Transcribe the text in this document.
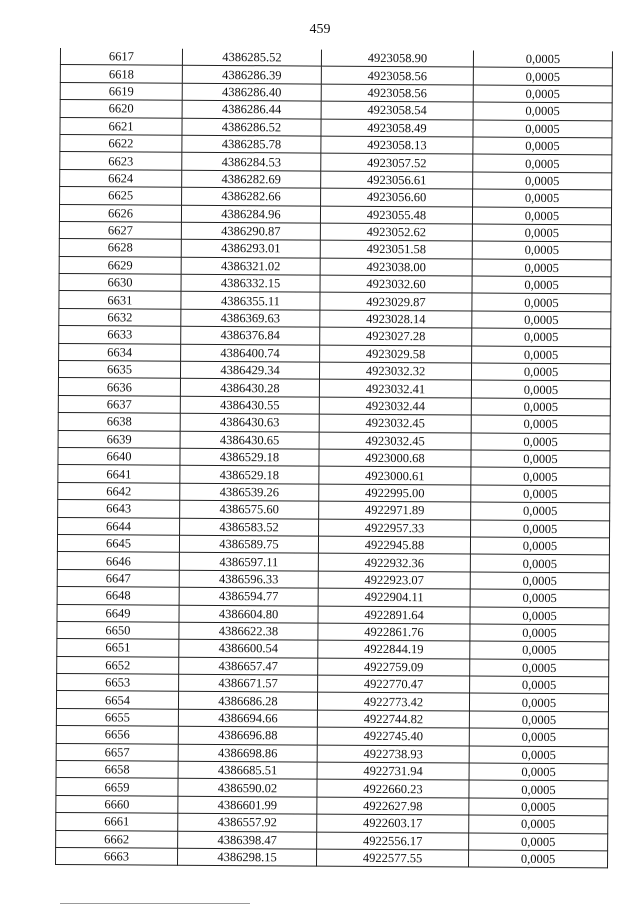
459
6617	4386285.52	4923058.90	0,0005
6618	4386286.39	4923058.56	0,0005
6619	4386286.40	4923058.56	0,0005
6620	4386286.44	4923058.54	0,0005
6621	4386286.52	4923058.49	0,0005
6622	4386285.78	4923058.13	0,0005
6623	4386284.53	4923057.52	0,0005
6624	4386282.69	4923056.61	0,0005
6625	4386282.66	4923056.60	0,0005
6626	4386284.96	4923055.48	0,0005
6627	4386290.87	4923052.62	0,0005
6628	4386293.01	4923051.58	0,0005
6629	4386321.02	4923038.00	0,0005
6630	4386332.15	4923032.60	0,0005
6631	4386355.11	4923029.87	0,0005
6632	4386369.63	4923028.14	0,0005
6633	4386376.84	4923027.28	0,0005
6634	4386400.74	4923029.58	0,0005
6635	4386429.34	4923032.32	0,0005
6636	4386430.28	4923032.41	0,0005
6637	4386430.55	4923032.44	0,0005
6638	4386430.63	4923032.45	0,0005
6639	4386430.65	4923032.45	0,0005
6640	4386529.18	4923000.68	0,0005
6641	4386529.18	4923000.61	0,0005
6642	4386539.26	4922995.00	0,0005
6643	4386575.60	4922971.89	0,0005
6644	4386583.52	4922957.33	0,0005
6645	4386589.75	4922945.88	0,0005
6646	4386597.11	4922932.36	0,0005
6647	4386596.33	4922923.07	0,0005
6648	4386594.77	4922904.11	0,0005
6649	4386604.80	4922891.64	0,0005
6650	4386622.38	4922861.76	0,0005
6651	4386600.54	4922844.19	0,0005
6652	4386657.47	4922759.09	0,0005
6653	4386671.57	4922770.47	0,0005
6654	4386686.28	4922773.42	0,0005
6655	4386694.66	4922744.82	0,0005
6656	4386696.88	4922745.40	0,0005
6657	4386698.86	4922738.93	0,0005
6658	4386685.51	4922731.94	0,0005
6659	4386590.02	4922660.23	0,0005
6660	4386601.99	4922627.98	0,0005
6661	4386557.92	4922603.17	0,0005
6662	4386398.47	4922556.17	0,0005
6663	4386298.15	4922577.55	0,0005
